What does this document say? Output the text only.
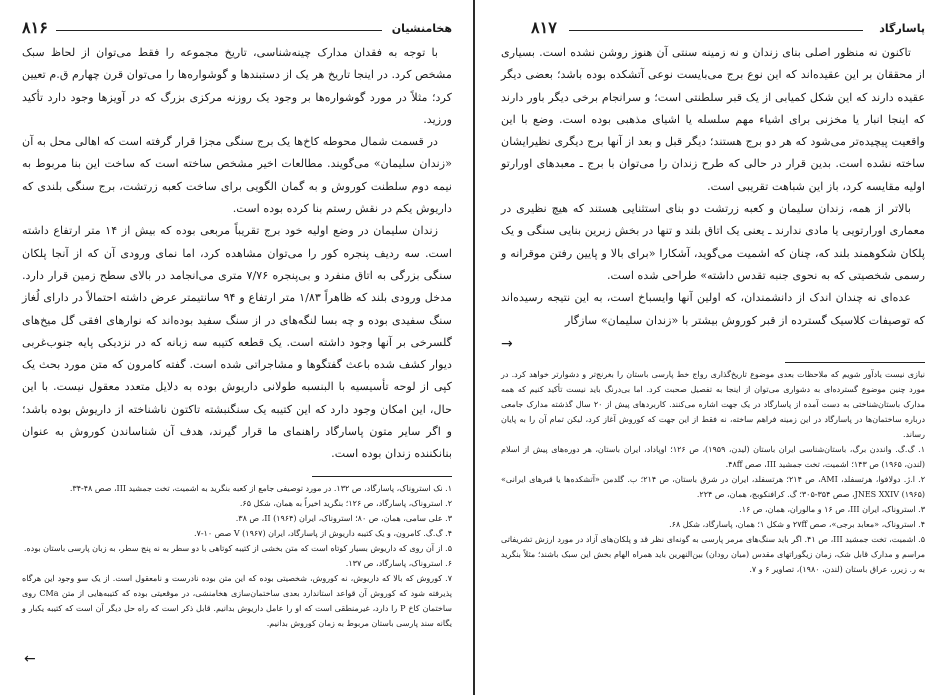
۸۱۶	هخامنشیان

با توجه به فقدان مدارک چینه‌شناسی، تاریخ مجموعه را فقط می‌توان از لحاظ سبک مشخص کرد. در اینجا تاریخ هر یک از دستبندها و گوشواره‌ها را می‌توان قرن چهارم ق.م تعیین کرد؛ مثلاً در مورد گوشواره‌ها بر وجود یک روزنه مرکزی بزرگ که در آویزها وجود دارد تأکید ورزید.

در قسمت شمال محوطه کاخ‌ها یک برج سنگی مجزا قرار گرفته است که اهالی محل به آن «زندان سلیمان» می‌گویند. مطالعات اخیر مشخص ساخته است که ساخت این بنا مربوط به نیمه دوم سلطنت کوروش و به گمان الگویی برای ساخت کعبه زرتشت، برج سنگی بلندی که داریوش یکم در نقش رستم بنا کرده بوده است.

زندان سلیمان در وضع اولیه خود برج تقریباً مربعی بوده که بیش از ۱۴ متر ارتفاع داشته است. سه ردیف پنجره کور را می‌توان مشاهده کرد، اما نمای ورودی آن که از آنجا پلکان سنگی بزرگی به اتاق منفرد و بی‌پنجره ۷/۷۶ متری می‌انجامد در بالای سطح زمین قرار دارد. مدخل ورودی بلند که ظاهراً ۱/۸۳ متر ارتفاع و ۹۴ سانتیمتر عرض داشته احتمالاً در دارای لُغاز سنگ سفیدی بوده و چه بسا لنگه‌های در از سنگ سفید بوده‌اند که نوارهای افقی گل میخ‌های گلسرخی بر آنها وجود داشته است. یک قطعه کتیبه سه زبانه که در نزدیکی پایه جنوب‌غربی دیوار کشف شده باعث گفتگوها و مشاجراتی شده است. گفته کامرون که متن مورد بحث یک کپی از لوحه تأسیسیه با البنسبه طولانی داریوش بوده به دلایل متعدد معقول نیست. با این حال، این امکان وجود دارد که این کتیبه یک سنگنبشته تاکتون ناشناخته از داریوش بوده باشد؛ و اگر سایر متون پاسارگاد راهنمای ما قرار گیرند، هدف آن شناساندن کوروش به عنوان بنانکننده زندان بوده است.

۱. نک استروناک، پاسارگاد، ص ۱۳۲. در مورد توصیفی جامع از کعبه بنگرید به اشمیت، تخت جمشید III، صص ۴۸-۳۴.

۲. استروناک، پاسارگاد، ص ۱۲۶؛ بنگرید اخیراً به همان، شکل ۶۵.

۳. علی سامی، همان، ص ۸۰؛ استروناک، ایران II (۱۹۶۴)، ص ۳۸.

۴. گ.گ. کامرون، و یک کتیبه داریوش از پاسارگاد، ایران V (۱۹۶۷) صص ۱۰-۷.

۵. از آن روی که داریوش بسیار کوتاه است که متن بخشی از کتیبه کوتاهی با دو سطر به نه پنج سطر، به زبان پارسی باستان بوده.

۶. استروناک، پاسارگاد، ص ۱۳۷.

۷. کوروش که بالا که داریوش، نه کوروش، شخصیتی بوده که این متن بوده نادرست و نامعقول است. از یک سو وجود این هرگاه پذیرفته شود که کوروش آن قواعد استاندارد بعدی ساختمان‌سازی هخامنشی، در موقعیتی بوده که کتیبه‌هایی از متن CMa روی ساختمان کاخ P را دارد، غیرمنطقی است که او را عامل داریوش بدانیم. قابل ذکر است که راه حل دیگر آن است که کتیبه یکبار و یگانه سند پارسی باستان مربوط به زمان کوروش بدانیم.

←
۸۱۷	پاسارگاد

تاکنون نه منظور اصلی بنای زندان و نه زمینه سنتی آن هنوز روشن نشده است. بسیاری از محققان بر این عقیده‌اند که این نوع برج می‌بایست نوعی آتشکده بوده باشد؛ بعضی دیگر عقیده دارند که این شکل کمیابی از یک قبر سلطنتی است؛ و سرانجام برخی دیگر باور دارند که اینجا انبار یا مخزنی برای اشیاء مهم سلسله یا اشیای مذهبی بوده است. وضع با این واقعیت پیچیده‌تر می‌شود که هر دو برج هستند؛ دیگر قبل و بعد از آنها برج دیگری نظیرایشان ساخته نشده است. بدین قرار در حالی که طرح زندان را می‌توان با برج ـ معبدهای اورارتو اولیه مقایسه کرد، باز این شباهت تقریبی است.

بالاتر از همه، زندان سلیمان و کعبه زرتشت دو بنای استثنایی هستند که هیچ نظیری در معماری اورارتویی یا مادی ندارند ـ یعنی یک اتاق بلند و تنها در بخش زبرین بنایی سنگی و یک پلکان شکوهمند بلند که، چنان که اشمیت می‌گوید، آشکارا «برای بالا و پایین رفتن موقرانه و رسمی شخصیتی که به نحوی جنبه تقدس داشته» طراحی شده است.

عده‌ای نه چندان اندک از دانشمندان، که اولین آنها وایسباخ است، به این نتیجه رسیده‌اند که توصیفات کلاسیک گسترده از قبر کوروش بیشتر با «زندان سلیمان» سازگار

→

نیازی نیست یادآور شویم که ملاحظات بعدی موضوع تاریخ‌گذاری رواج خط پارسی باستان را بغرنج‌تر و دشوارتر خواهد کرد. در مورد چنین موضوع گسترده‌ای به دشواری می‌توان از اینجا به تفصیل صحبت کرد. اما بی‌درنگ باید نیست تأکید کنیم که همه مدارک باستان‌شناختی به دست آمده از پاسارگاد در یک جهت اشاره می‌کنند. کاربردهای پیش از ۲۰ سال گذشته مدارک جامعی درباره ساختمان‌ها در پاسارگاد در این زمینه فراهم ساخته، نه فقط از این جهت که کوروش آغاز کرد، لیکن تمام آن را به پایان رساند.

۱. گ.گ. وانددن برگ، باستان‌شناسی ایران باستان (لیدن، ۱۹۵۹)، ص ۱۲۶؛ اوپاداد، ایران باستان، هر دوره‌های پیش از اسلام (لندن، ۱۹۶۵) ص ۱۴۳؛ اشمیت، تخت جمشید III، صص ۴۸ff.

۲. ا.ژ. دولافوا، هرتسفلد، AMI، ص ۲۱۴؛ هرتسفلد، ایران در شرق باستان، ص ۲۱۴؛ ب. گلدمن «آتشکده‌ها یا قبرهای ایرانی» JNES XXIV (۱۹۶۵)، صص ۳۵۴-۳۰۵؛ گ. کرافنکوبج، همان، ص ۲۲۴.

۳. استروناک، ایران III، ص ۱۶ و مالوران، همان، ص ۱۶.

۴. استروناک، «معابد برجی»، صص ۲۷ff و شکل ۱؛ همان، پاسارگاد، شکل ۶۸.

۵. اشمیت، تخت جمشید III، ص ۴۱. اگر باید سنگ‌های مرمر پارسی به گونه‌ای نظر قد و پلکان‌های آزاد در مورد ارزش تشریفاتی مراسم و مدارک قابل شک، زمان زیگوراتهای مقدس (میان رودان) بین‌النهرین باید همراه الهام بخش این سبک باشند؛ مثلاً بنگرید به ر. زیرر، عراق باستان (لندن، ۱۹۸۰)، تصاویر ۶ و ۷.
